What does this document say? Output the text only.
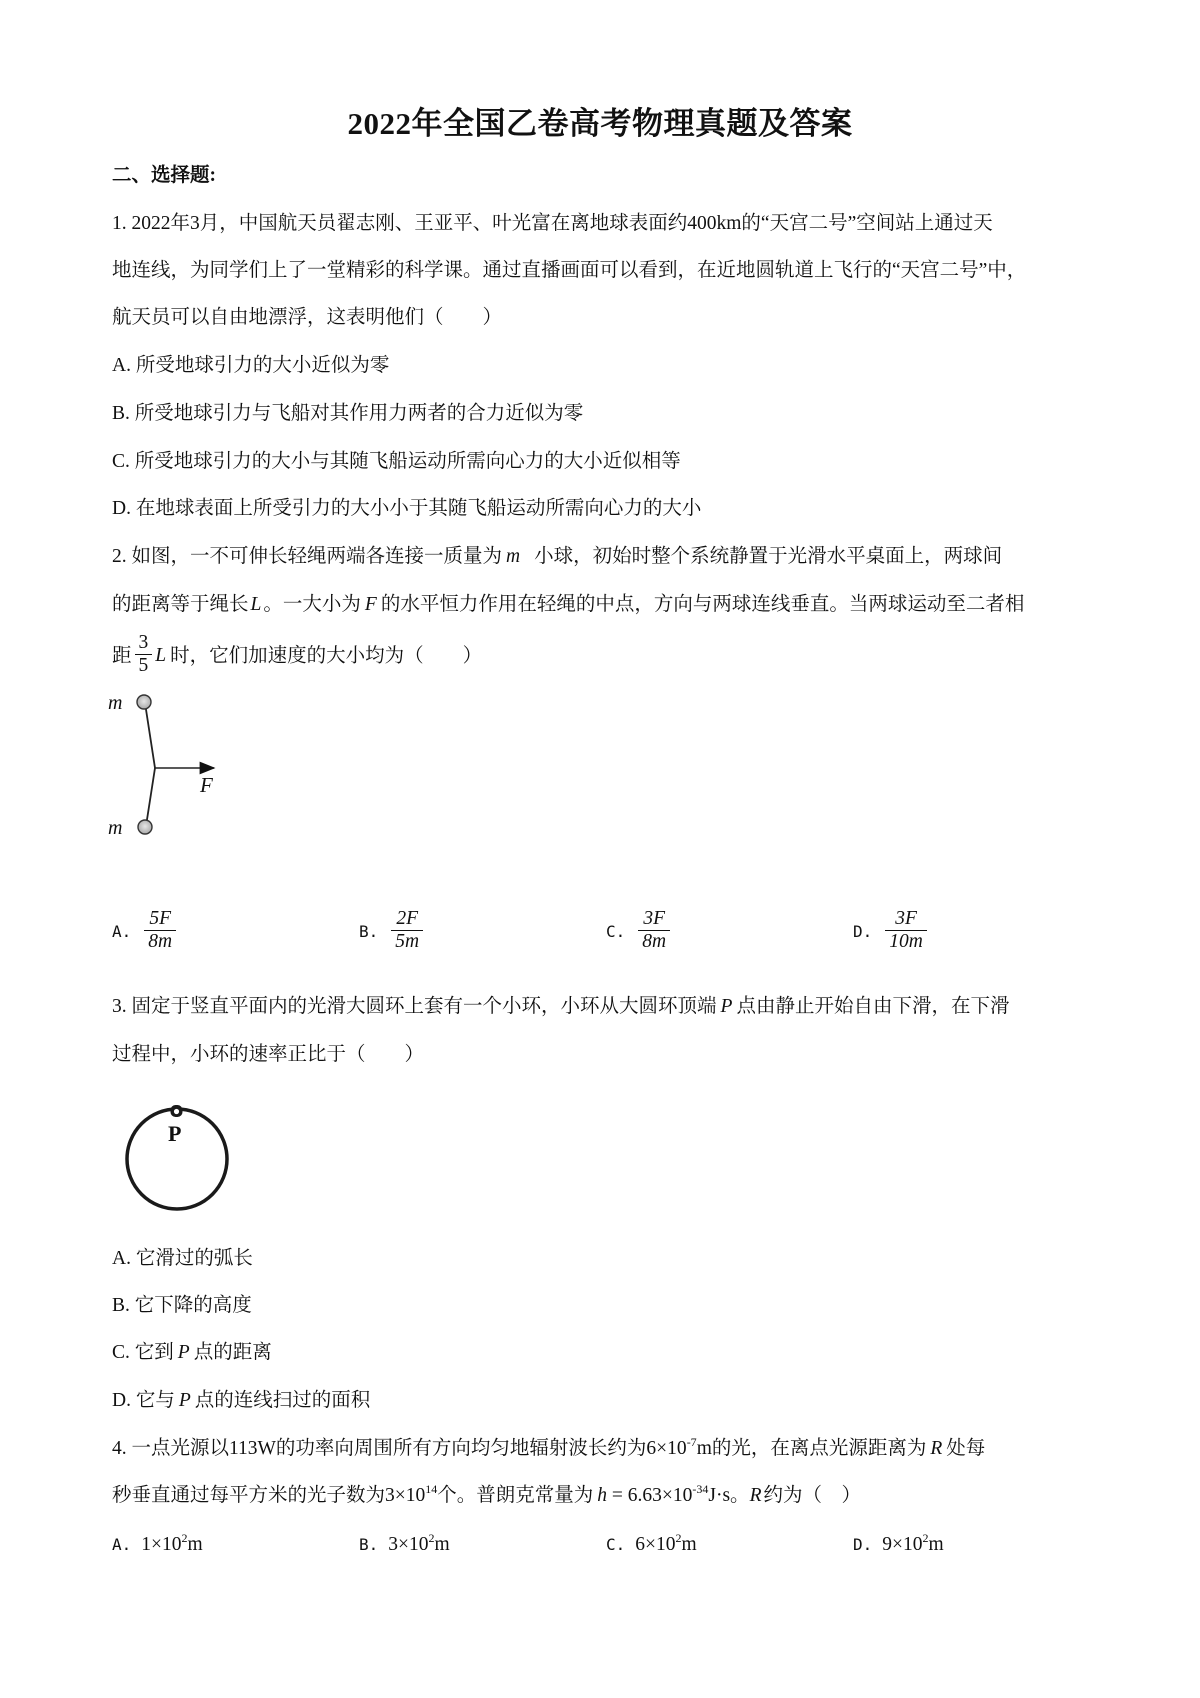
2022年全国乙卷高考物理真题及答案
二、选择题:
1. 2022年3月，中国航天员翟志刚、王亚平、叶光富在离地球表面约400km的“天宫二号”空间站上通过天
地连线，为同学们上了一堂精彩的科学课。通过直播画面可以看到，在近地圆轨道上飞行的“天宫二号”中，
航天员可以自由地漂浮，这表明他们（　　）
A. 所受地球引力的大小近似为零
B. 所受地球引力与飞船对其作用力两者的合力近似为零
C. 所受地球引力的大小与其随飞船运动所需向心力的大小近似相等
D. 在地球表面上所受引力的大小小于其随飞船运动所需向心力的大小
2. 如图，一不可伸长轻绳两端各连接一质量为 m 小球，初始时整个系统静置于光滑水平桌面上，两球间
的距离等于绳长 L 。一大小为 F 的水平恒力作用在轻绳的中点，方向与两球连线垂直。当两球运动至二者相
距 $\frac{3}{5}$ L 时，它们加速度的大小均为（　　）
m
m
F
A. $\frac{5F}{8m}$	B. $\frac{2F}{5m}$	C. $\frac{3F}{8m}$	D. $\frac{3F}{10m}$
3. 固定于竖直平面内的光滑大圆环上套有一个小环，小环从大圆环顶端 P 点由静止开始自由下滑，在下滑
过程中，小环的速率正比于（　　）
P
A. 它滑过的弧长
B. 它下降的高度
C. 它到 P 点的距离
D. 它与 P 点的连线扫过的面积
4. 一点光源以113W的功率向周围所有方向均匀地辐射波长约为$6\times 10^{-7}m$的光，在离点光源距离为 R 处每
秒垂直通过每平方米的光子数为$3\times 10^{14}$个。普朗克常量为 $h = 6.63\times 10^{-34}J\cdot s$。R 约为（　）
A. $1\times 10^2m$	B. $3\times 10^2m$	C. $6\times 10^2m$	D. $9\times 10^2m$
